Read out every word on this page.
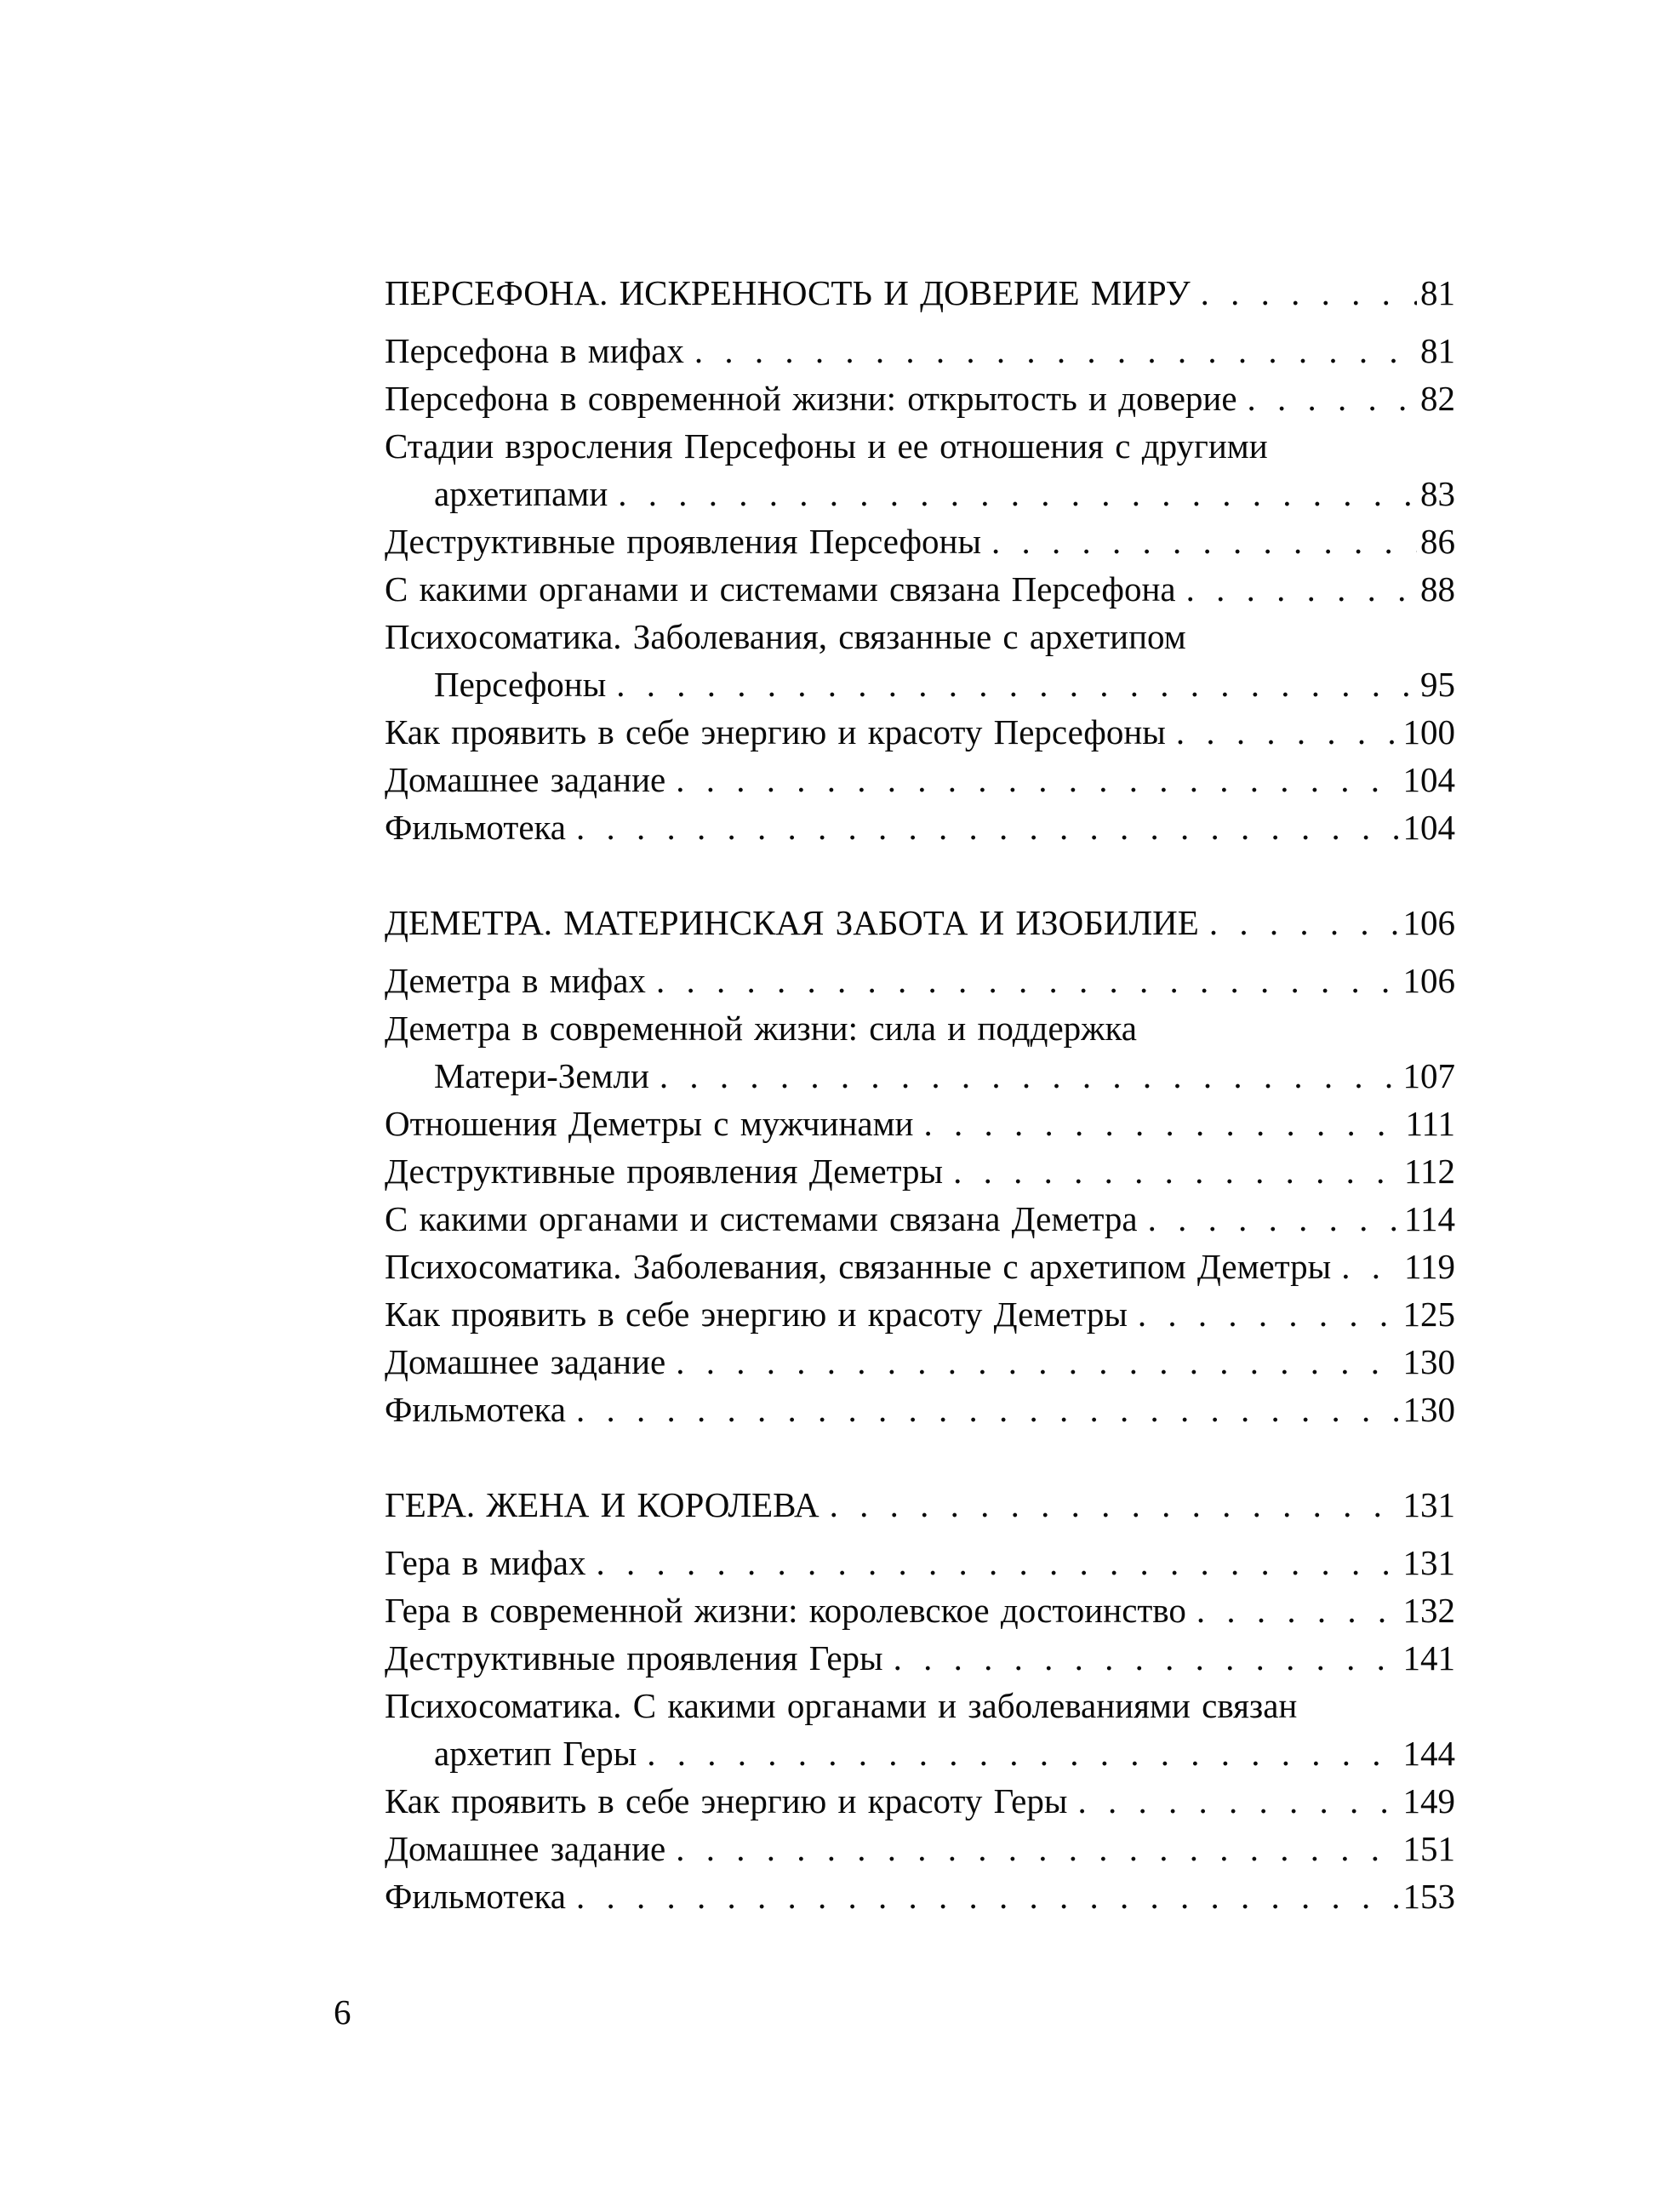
ПЕРСЕФОНА. ИСКРЕННОСТЬ И ДОВЕРИЕ МИРУ . . .	81
Персефона в мифах . . .	81
Персефона в современной жизни: открытость и доверие . . .	82
Стадии взросления Персефоны и ее отношения с другими
архетипами . . .	83
Деструктивные проявления Персефоны . . .	86
С какими органами и системами связана Персефона . . .	88
Психосоматика. Заболевания, связанные с архетипом
Персефоны . . .	95
Как проявить в себе энергию и красоту Персефоны . . .	100
Домашнее задание . . .	104
Фильмотека . . .	104
ДЕМЕТРА. МАТЕРИНСКАЯ ЗАБОТА И ИЗОБИЛИЕ . . .	106
Деметра в мифах . . .	106
Деметра в современной жизни: сила и поддержка
Матери-Земли . . .	107
Отношения Деметры с мужчинами . . .	111
Деструктивные проявления Деметры . . .	112
С какими органами и системами связана Деметра . . .	114
Психосоматика. Заболевания, связанные с архетипом Деметры . . . 119
Как проявить в себе энергию и красоту Деметры . . .	125
Домашнее задание . . .	130
Фильмотека . . .	130
ГЕРА. ЖЕНА И КОРОЛЕВА . . .	131
Гера в мифах . . .	131
Гера в современной жизни: королевское достоинство . . .	132
Деструктивные проявления Геры . . .	141
Психосоматика. С какими органами и заболеваниями связан
архетип Геры . . .	144
Как проявить в себе энергию и красоту Геры . . .	149
Домашнее задание . . .	151
Фильмотека . . .	153
6
